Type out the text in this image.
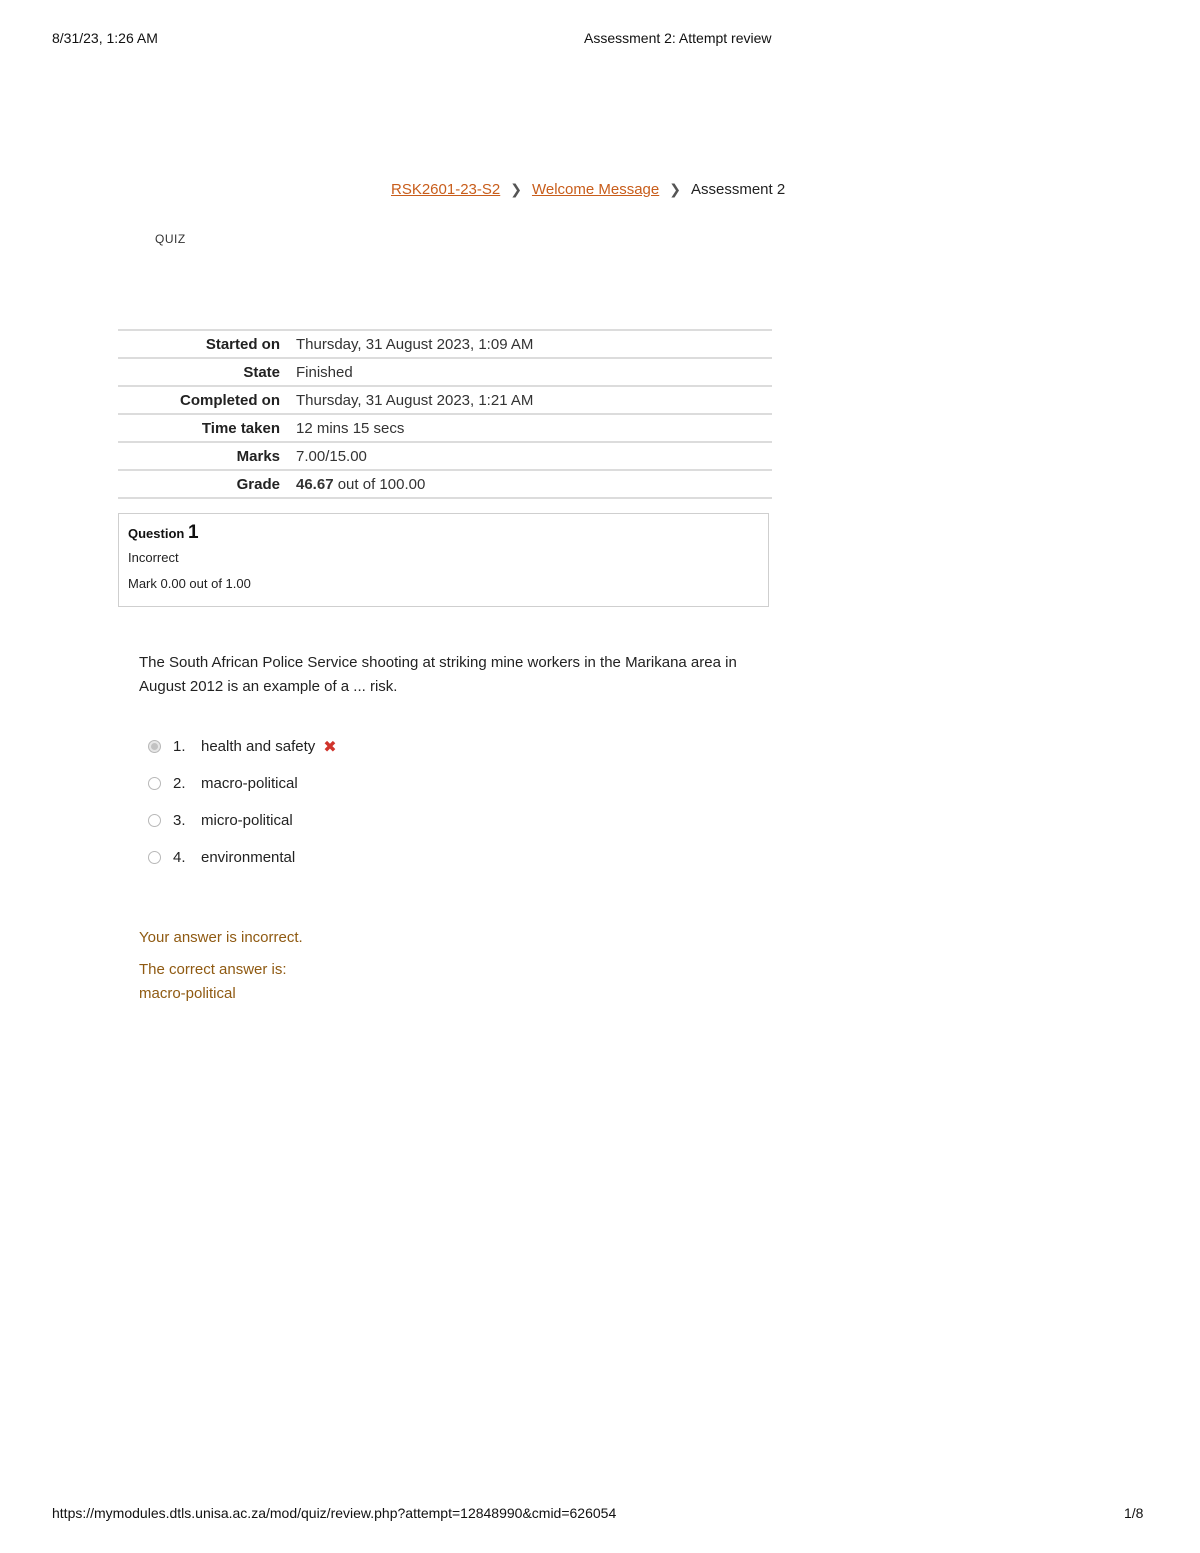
8/31/23, 1:26 AM	Assessment 2: Attempt review
RSK2601-23-S2 ❯ Welcome Message ❯ Assessment 2
QUIZ
Started on	Thursday, 31 August 2023, 1:09 AM
State	Finished
Completed on	Thursday, 31 August 2023, 1:21 AM
Time taken	12 mins 15 secs
Marks	7.00/15.00
Grade	46.67 out of 100.00
Question 1
Incorrect
Mark 0.00 out of 1.00
The South African Police Service shooting at striking mine workers in the Marikana area in August 2012 is an example of a ... risk.
1.	health and safety ✖
2.	macro-political
3.	micro-political
4.	environmental
Your answer is incorrect.
The correct answer is:
macro-political
https://mymodules.dtls.unisa.ac.za/mod/quiz/review.php?attempt=12848990&cmid=626054	1/8
